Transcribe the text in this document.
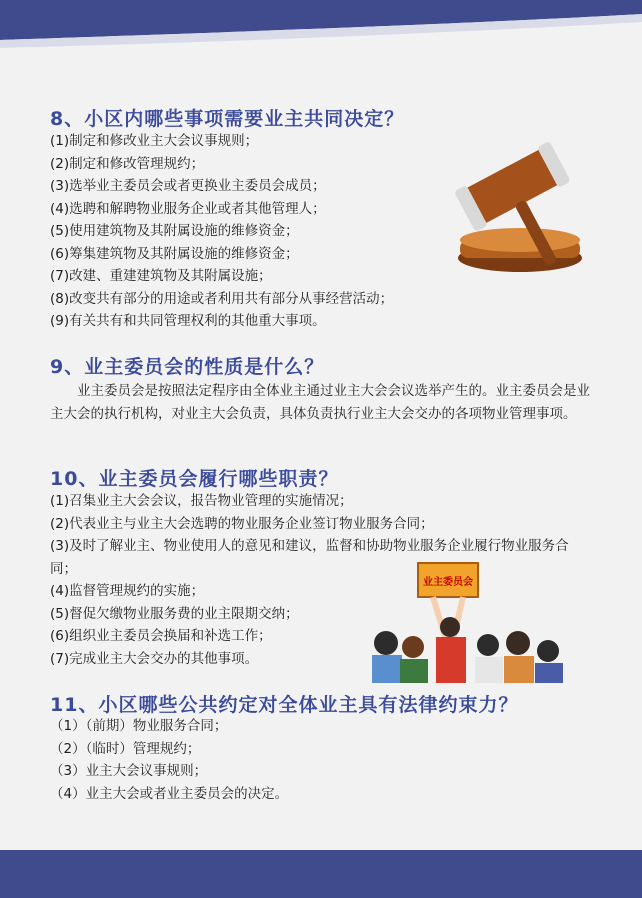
8、小区内哪些事项需要业主共同决定？
(1)制定和修改业主大会议事规则；
(2)制定和修改管理规约；
(3)选举业主委员会或者更换业主委员会成员；
(4)选聘和解聘物业服务企业或者其他管理人；
(5)使用建筑物及其附属设施的维修资金；
(6)筹集建筑物及其附属设施的维修资金；
(7)改建、重建建筑物及其附属设施；
(8)改变共有部分的用途或者利用共有部分从事经营活动；
(9)有关共有和共同管理权利的其他重大事项。
9、业主委员会的性质是什么？

业主委员会是按照法定程序由全体业主通过业主大会会议选举产生的。业主委员会是业主大会的执行机构，对业主大会负责，具体负责执行业主大会交办的各项物业管理事项。

10、业主委员会履行哪些职责？
(1)召集业主大会会议，报告物业管理的实施情况；
(2)代表业主与业主大会选聘的物业服务企业签订物业服务合同；
(3)及时了解业主、物业使用人的意见和建议，监督和协助物业服务企业履行物业服务合同；
(4)监督管理规约的实施；
(5)督促欠缴物业服务费的业主限期交纳；
(6)组织业主委员会换届和补选工作；
(7)完成业主大会交办的其他事项。
业主委员会
11、小区哪些公共约定对全体业主具有法律约束力？
（1）（前期）物业服务合同；
（2）（临时）管理规约；
（3）业主大会议事规则；
（4）业主大会或者业主委员会的决定。
